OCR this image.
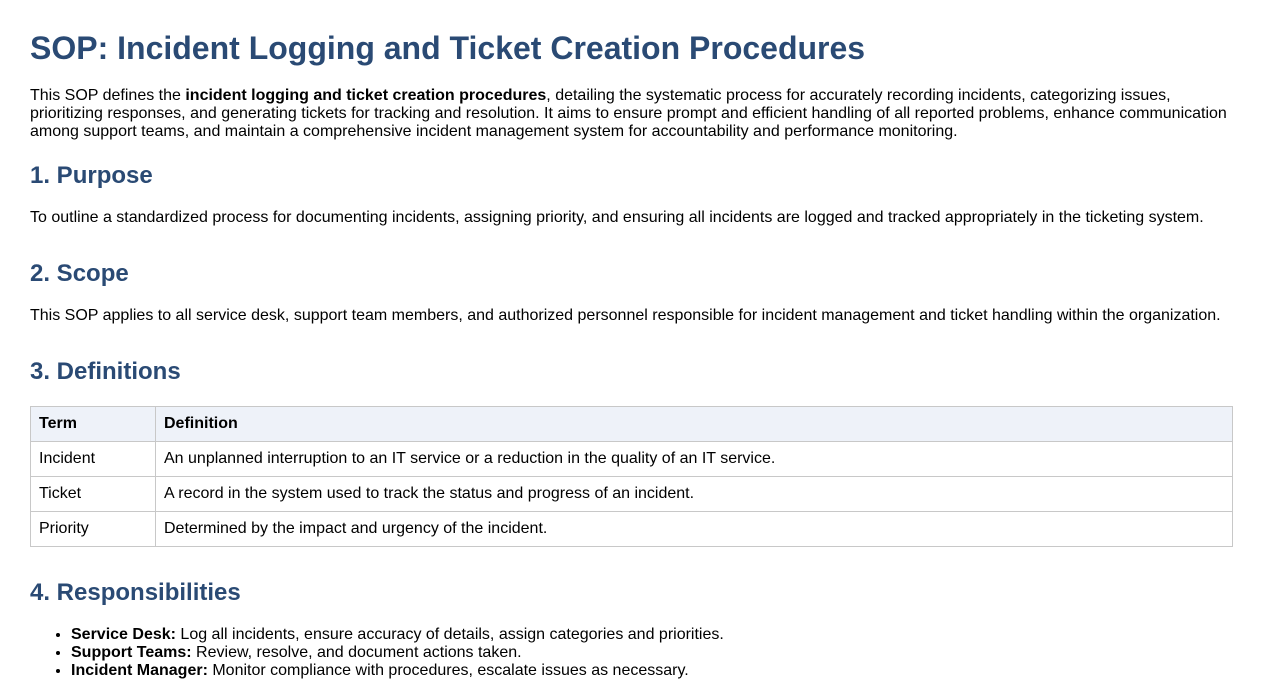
SOP: Incident Logging and Ticket Creation Procedures

This SOP defines the incident logging and ticket creation procedures, detailing the systematic process for accurately recording incidents, categorizing issues, prioritizing responses, and generating tickets for tracking and resolution. It aims to ensure prompt and efficient handling of all reported problems, enhance communication among support teams, and maintain a comprehensive incident management system for accountability and performance monitoring.

1. Purpose

To outline a standardized process for documenting incidents, assigning priority, and ensuring all incidents are logged and tracked appropriately in the ticketing system.

2. Scope

This SOP applies to all service desk, support team members, and authorized personnel responsible for incident management and ticket handling within the organization.

3. Definitions
Term	Definition
Incident	An unplanned interruption to an IT service or a reduction in the quality of an IT service.
Ticket	A record in the system used to track the status and progress of an incident.
Priority	Determined by the impact and urgency of the incident.
4. Responsibilities
• Service Desk: Log all incidents, ensure accuracy of details, assign categories and priorities.
• Support Teams: Review, resolve, and document actions taken.
• Incident Manager: Monitor compliance with procedures, escalate issues as necessary.
